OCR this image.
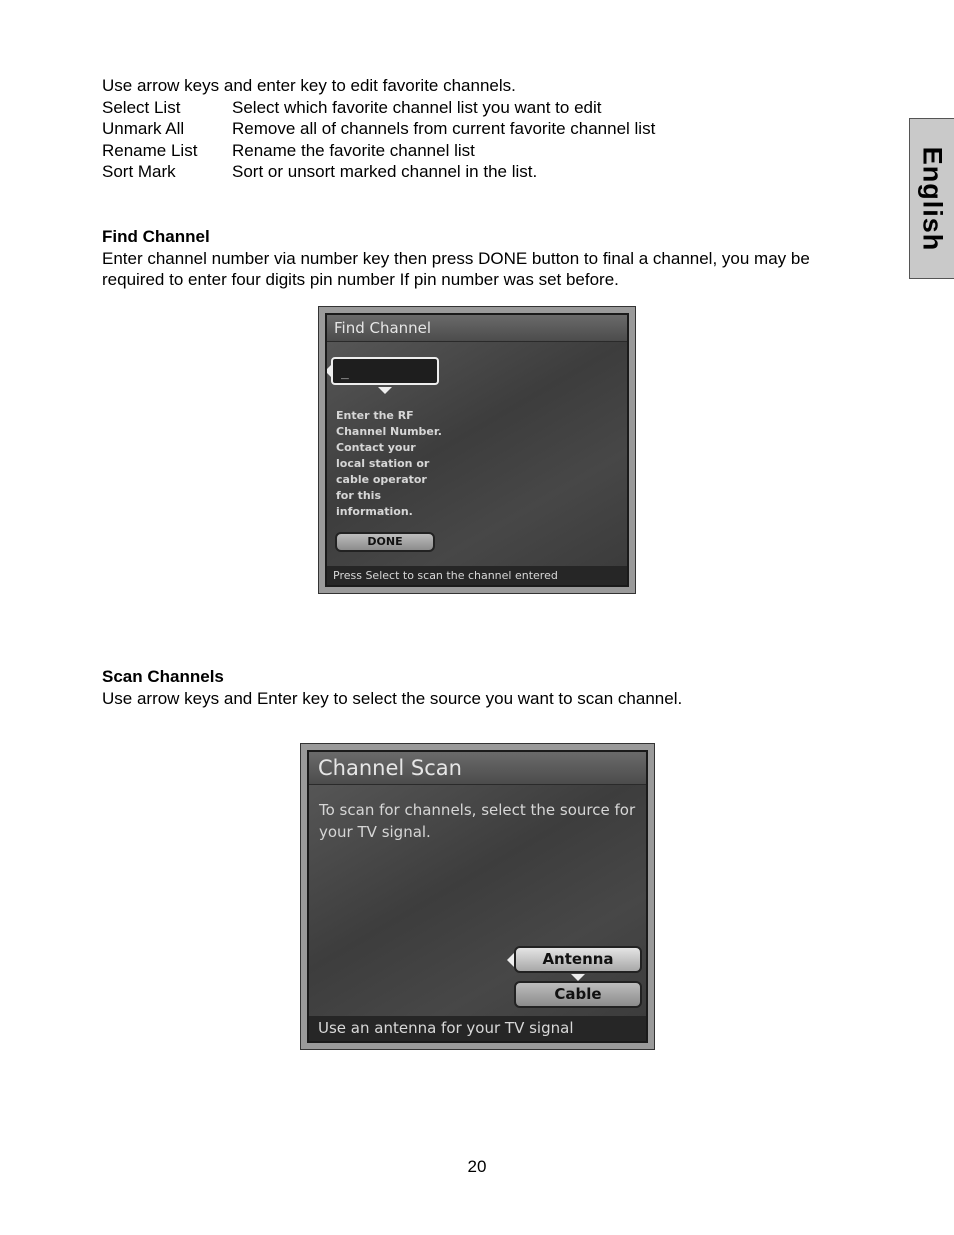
English
Use arrow keys and enter key to edit favorite channels.
Select List	Select which favorite channel list you want to edit
Unmark All	Remove all of channels from current favorite channel list
Rename List	Rename the favorite channel list
Sort Mark	Sort or unsort marked channel in the list.
Find Channel

Enter channel number via number key then press DONE button to final a channel, you may be required to enter four digits pin number If pin number was set before.

Find Channel
_
Enter the RF
Channel Number.
Contact your
local station or
cable operator
for this
information.
DONE
Press Select to scan the channel entered
Scan Channels

Use arrow keys and Enter key to select the source you want to scan channel.

Channel Scan
To scan for channels, select the source for
your TV signal.
Antenna
Cable
Use an antenna for your TV signal
20
